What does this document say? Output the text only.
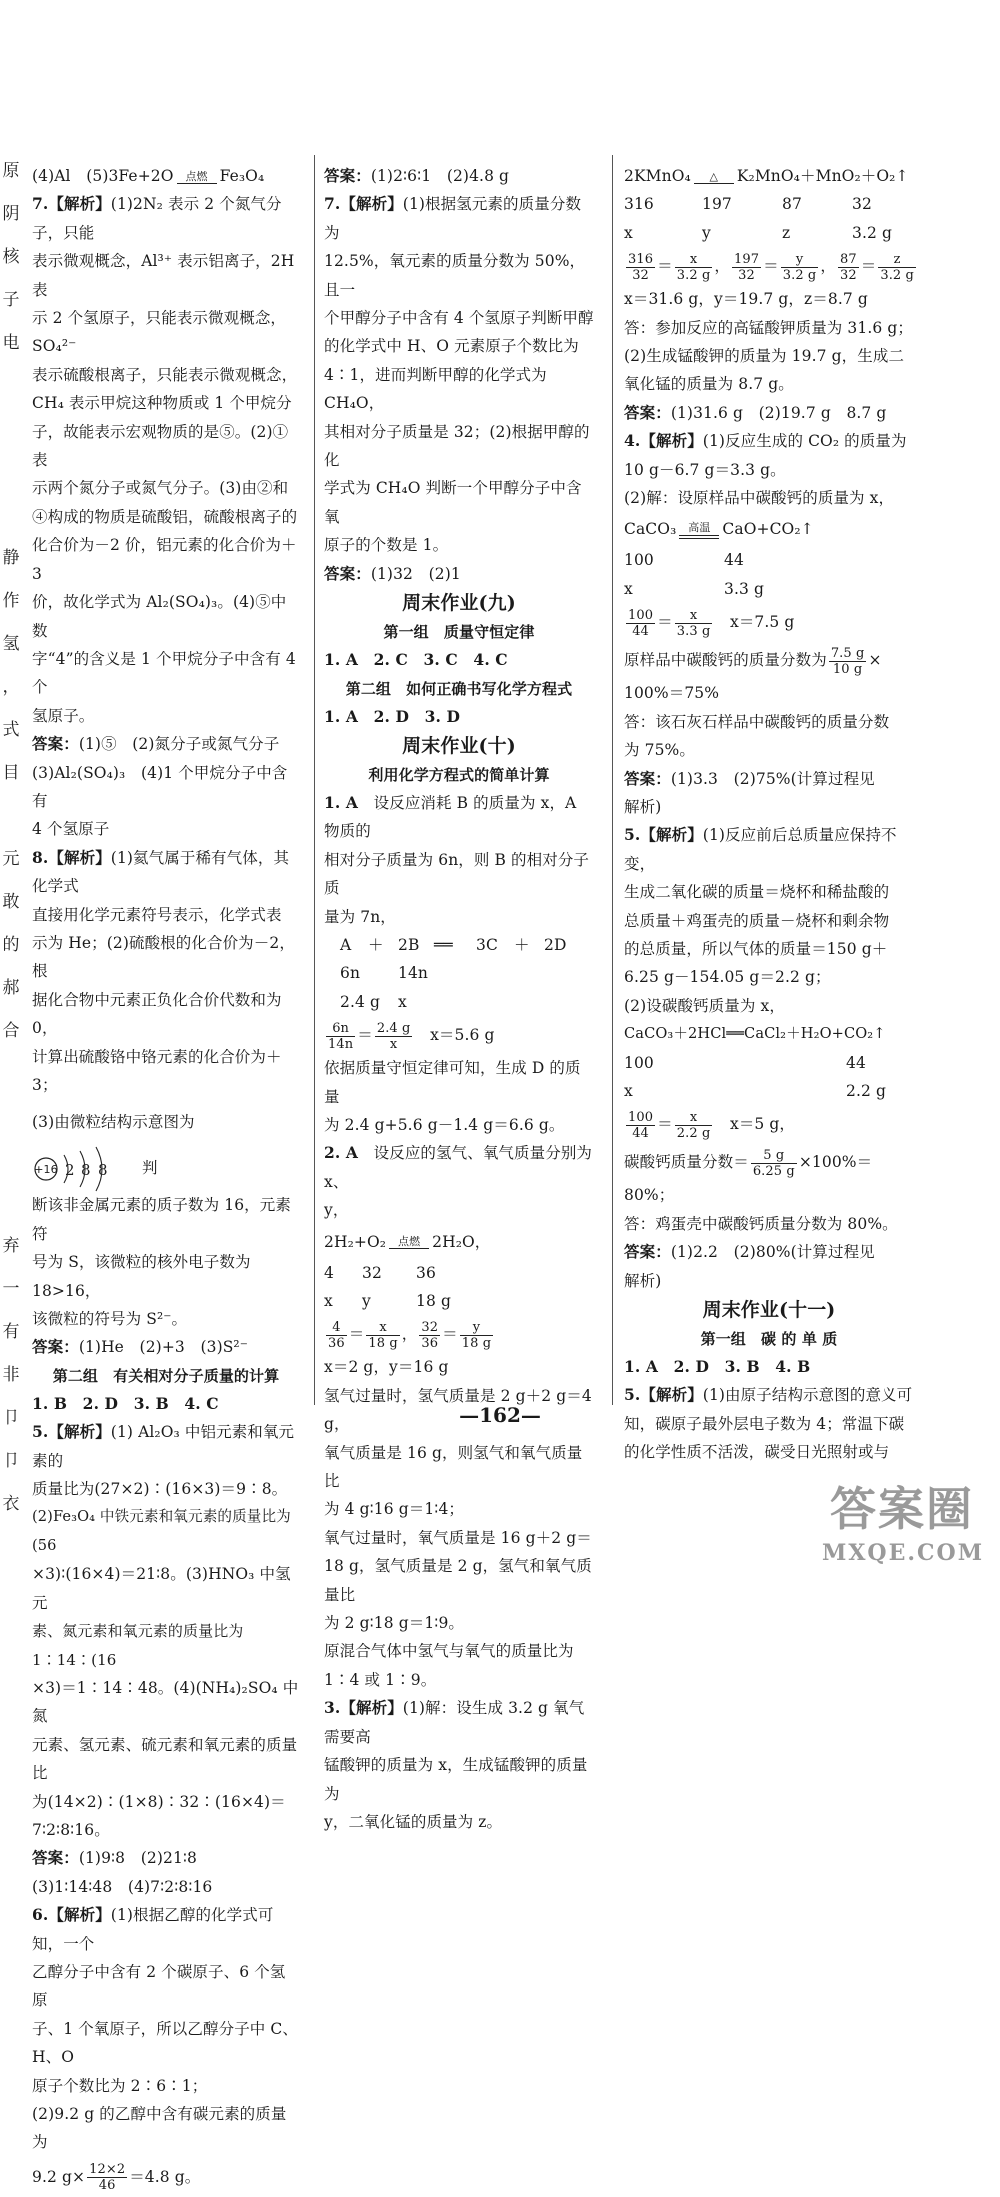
原
阴
核
子
电

静
作
氢
，
式
目

元
敢
的
郝
合

弃
一
有
非
卩
卩
衣

(4)Al　(5)3Fe+2O	点燃 Fe₃O₄

7.【解析】(1)2N₂ 表示 2 个氮气分子，只能

表示微观概念，Al³⁺ 表示铝离子，2H 表

示 2 个氢原子，只能表示微观概念，SO₄²⁻

表示硫酸根离子，只能表示微观概念，

CH₄ 表示甲烷这种物质或 1 个甲烷分

子，故能表示宏观物质的是⑤。(2)①表

示两个氮分子或氮气分子。(3)由②和

④构成的物质是硫酸铝，硫酸根离子的

化合价为－2 价，铝元素的化合价为＋3

价，故化学式为 Al₂(SO₄)₃。(4)⑤中数

字“4”的含义是 1 个甲烷分子中含有 4 个

氢原子。

答案：(1)⑤　(2)氮分子或氮气分子

(3)Al₂(SO₄)₃　(4)1 个甲烷分子中含有

4 个氢原子

8.【解析】(1)氦气属于稀有气体，其化学式

直接用化学元素符号表示，化学式表

示为 He；(2)硫酸根的化合价为－2，根

据化合物中元素正负化合价代数和为 0，

计算出硫酸铬中铬元素的化合价为＋3；

(3)由微粒结构示意图为
+16 2 8 8 判

断该非金属元素的质子数为 16，元素符

号为 S，该微粒的核外电子数为 18>16，

该微粒的符号为 S²⁻。

答案：(1)He　(2)+3　(3)S²⁻

第二组　有关相对分子质量的计算

1. B　2. D　3. B　4. C

5.【解析】(1) Al₂O₃ 中铝元素和氧元素的

质量比为(27×2)∶(16×3)＝9∶8。

(2)Fe₃O₄ 中铁元素和氧元素的质量比为(56

×3)∶(16×4)＝21∶8。(3)HNO₃ 中氢元

素、氮元素和氧元素的质量比为 1∶14∶(16

×3)＝1∶14∶48。(4)(NH₄)₂SO₄ 中氮

元素、氢元素、硫元素和氧元素的质量比

为(14×2)∶(1×8)∶32∶(16×4)＝

7∶2∶8∶16。

答案：(1)9∶8　(2)21∶8

(3)1∶14∶48　(4)7∶2∶8∶16

6.【解析】(1)根据乙醇的化学式可知，一个

乙醇分子中含有 2 个碳原子、6 个氢原

子、1 个氧原子，所以乙醇分子中 C、H、O

原子个数比为 2∶6∶1；

(2)9.2 g 的乙醇中含有碳元素的质量为

9.2 $g\times \frac{12\times 2}{46} =4.8$ g。

答案：(1)2∶6∶1　(2)4.8 g

7.【解析】(1)根据氢元素的质量分数为

12.5%，氧元素的质量分数为 50%，且一

个甲醇分子中含有 4 个氢原子判断甲醇

的化学式中 H、O 元素原子个数比为

4∶1，进而判断甲醇的化学式为 CH₄O，

其相对分子质量是 32；(2)根据甲醇的化

学式为 CH₄O 判断一个甲醇分子中含氧

原子的个数是 1。

答案：(1)32　(2)1

周末作业(九)

第一组　质量守恒定律

1. A　2. C　3. C　4. C

第二组　如何正确书写化学方程式

1. A　2. D　3. D

周末作业(十)

利用化学方程式的简单计算

1. A　 设反应消耗 B 的质量为 x，A 物质的

相对分子质量为 6n，则 B 的相对分子质

量为 7n，

A	＋ 2B ══	3C	＋ 2D

6n	14n

2.4 g	x

$\frac{6n}{14n} = \frac{2.4 g}{x}$
　 x＝5.6 g

依据质量守恒定律可知，生成 D 的质量

为 2.4 g+5.6 g－1.4 g＝6.6 g。

2. A　 设反应的氢气、氧气质量分别为 x、

y，

2H₂+O₂	点燃 2H₂O，

4	32	36

x	y	18 g

$\frac{4}{36} = \frac{x}{18 g}$ ， $\frac{32}{36} = \frac{y}{18 g}$

x＝2 g，y＝16 g

氢气过量时，氢气质量是 2 g＋2 g＝4 g，

氧气质量是 16 g，则氢气和氧气质量比

为 4 g∶16 g＝1∶4；

氧气过量时，氧气质量是 16 g＋2 g＝

18 g，氢气质量是 2 g，氢气和氧气质量比

为 2 g∶18 g＝1∶9。

原混合气体中氢气与氧气的质量比为

1∶4 或 1∶9。

3.【解析】(1)解：设生成 3.2 g 氧气需要高

锰酸钾的质量为 x，生成锰酸钾的质量为

y，二氧化锰的质量为 z。

2KMnO₄	△	K₂MnO₄＋MnO₂＋O₂↑

316	197	87	32

x	y	z	3.2 g

$\frac{316}{32} = \frac{x}{3.2 g}$ ， $\frac{197}{32} = \frac{y}{3.2 g}$ ， $\frac{87}{32} = \frac{z}{3.2 g}$

x＝31.6 g，y＝19.7 g，z＝8.7 g

答：参加反应的高锰酸钾质量为 31.6 g；

(2)生成锰酸钾的质量为 19.7 g，生成二

氧化锰的质量为 8.7 g。

答案：(1)31.6 g　(2)19.7 g　8.7 g

4.【解析】(1)反应生成的 CO₂ 的质量为

10 g－6.7 g＝3.3 g。

(2)解：设原样品中碳酸钙的质量为 x，

CaCO₃	高温 CaO+CO₂↑

100	44

x	3.3 g

$\frac{100}{44} = \frac{x}{3.3 g}$
　 x＝7.5 g

原样品中碳酸钙的质量分数为 $\frac{7.5 g}{10 g}$ ×

100%＝75%

答：该石灰石样品中碳酸钙的质量分数

为 75%。

答案：(1)3.3　(2)75%(计算过程见

解析)

5.【解析】(1)反应前后总质量应保持不变，

生成二氧化碳的质量＝烧杯和稀盐酸的

总质量＋鸡蛋壳的质量－烧杯和剩余物

的总质量，所以气体的质量＝150 g＋

6.25 g－154.05 g＝2.2 g；

(2)设碳酸钙质量为 x，

CaCO₃＋2HCl══CaCl₂＋H₂O+CO₂↑

100	44

x	2.2 g

$\frac{100}{44} = \frac{x}{2.2 g}$
　 x＝5 g，

碳酸钙质量分数＝ $\frac{5 g}{6.25 g} \times 100\%=$

80%；

答：鸡蛋壳中碳酸钙质量分数为 80%。

答案：(1)2.2　(2)80%(计算过程见

解析)

周末作业(十一)

第一组　碳 的 单 质

1. A　2. D　3. B　4. B

5.【解析】(1)由原子结构示意图的意义可

知，碳原子最外层电子数为 4；常温下碳

的化学性质不活泼，碳受日光照射或与

—162—
答案圈
MXQE.COM
